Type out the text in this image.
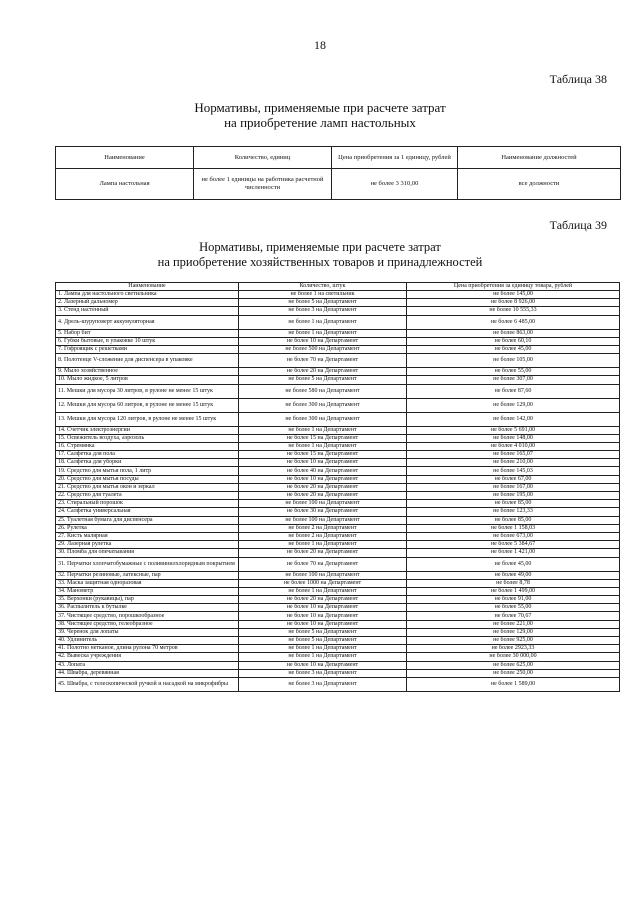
18
Таблица 38
Нормативы, применяемые при расчете затрат
на приобретение ламп настольных
Наименование	Количество, единиц	Цена приобретения за 1 единицу, рублей	Наименование должностей
Лампа настольная	не более 1 единицы на работника расчетной численности	не более 3 310,00	все должности
Таблица 39
Нормативы, применяемые при расчете затрат
на приобретение хозяйственных товаров и принадлежностей
Наименование	Количество, штук	Цена приобретения за единицу товара, рублей
1. Лампа для настольного светильника	не более 1 на светильник	не более 145,00
2. Лазерный дальномер	не более 5 на Департамент	не более 8 926,00
3. Стенд настенный	не более 3 на Департамент	не более 10 555,33
4. Дрель-шуруповерт аккумуляторная	не более 1 на Департамент	не более 6 485,00
5. Набор бит	не более 1 на Департамент	не более 863,00
6. Губки бытовые, в упаковке 10 штук	не более 10 на Департамент	не более 60,10
7. Гофроящик с решетками	не более 500 на Департамент	не более 45,00
8. Полотенце V-сложение для диспенсера в упаковке	не более 70 на Департамент	не более 105,00
9. Мыло хозяйственное	не более 20 на Департамент	не более 55,00
10. Мыло жидкое, 5 литров	не более 5 на Департамент	не более 307,00
11. Мешки для мусора 30 литров, в рулоне не менее 15 штук	не более 580 на Департамент	не более 87,60
12. Мешки для мусора 60 литров, в рулоне не менее 15 штук	не более 300 на Департамент	не более 129,00
13. Мешки для мусора 120 литров, в рулоне не менее 15 штук	не более 300 на Департамент	не более 142,00
14. Счетчик электроэнергии	не более 1 на Департамент	не более 5 691,00
15. Освежитель воздуха, аэрозоль	не более 15 на Департамент	не более 148,00
16. Стремянка	не более 1 на Департамент	не более 4 010,00
17. Салфетка для пола	не более 15 на Департамент	не более 165,07
18. Салфетка для уборки	не более 10 на Департамент	не более 210,00
19. Средство для мытья пола, 1 литр	не более 40 на Департамент	не более 145,03
20. Средство для мытья посуды	не более 10 на Департамент	не более 67,00
21. Средство для мытья окон и зеркал	не более 20 на Департамент	не более 167,00
22. Средство для туалета	не более 20 на Департамент	не более 195,00
23. Стиральный порошок	не более 100 на Департамент	не более 85,00
24. Салфетка универсальная	не более 30 на Департамент	не более 123,33
25. Туалетная бумага для диспенсера	не более 100 на Департамент	не более 85,00
26. Рулетка	не более 2 на Департамент	не более 1 158,03
27. Кисть малярная	не более 2 на Департамент	не более 673,00
29. Лазерная рулетка	не более 1 на Департамент	не более 5 384,67
30. Пломба для опечатывания	не более 20 на Департамент	не более 1 421,00
31. Перчатки хлопчатобумажные с поливинилхлоридным покрытием	не более 70 на Департамент	не более 45,00
32. Перчатки резиновые, латексные, пар	не более 100 на Департамент	не более 49,00
33. Маска защитная одноразовая	не более 1000 на Департамент	не более 8,78
34. Манометр	не более 1 на Департамент	не более 1 499,00
35. Верхонки (рукавицы), пар	не более 20 на Департамент	не более 91,00
36. Распылитель к бутылке	не более 10 на Департамент	не более 55,00
37. Чистящее средство, порошкообразное	не более 10 на Департамент	не более 70,67
38. Чистящее средство, гелеобразное	не более 10 на Департамент	не более 221,00
39. Черенок для лопаты	не более 5 на Департамент	не более 129,00
40. Удлинитель	не более 5 на Департамент	не более 925,00
41. Полотно нетканое, длина рулона 70 метров	не более 1 на Департамент	не более 2923,33
42. Вывеска учреждения	не более 1 на Департамент	не более 30 000,00
43. Лопата	не более 10 на Департамент	не более 625,00
44. Швабра, деревянная	не более 3 на Департамент	не более 250,00
45. Швабра, с телескопической ручкой и насадкой на микрофибры	не более 3 на Департамент	не более 1 589,00
